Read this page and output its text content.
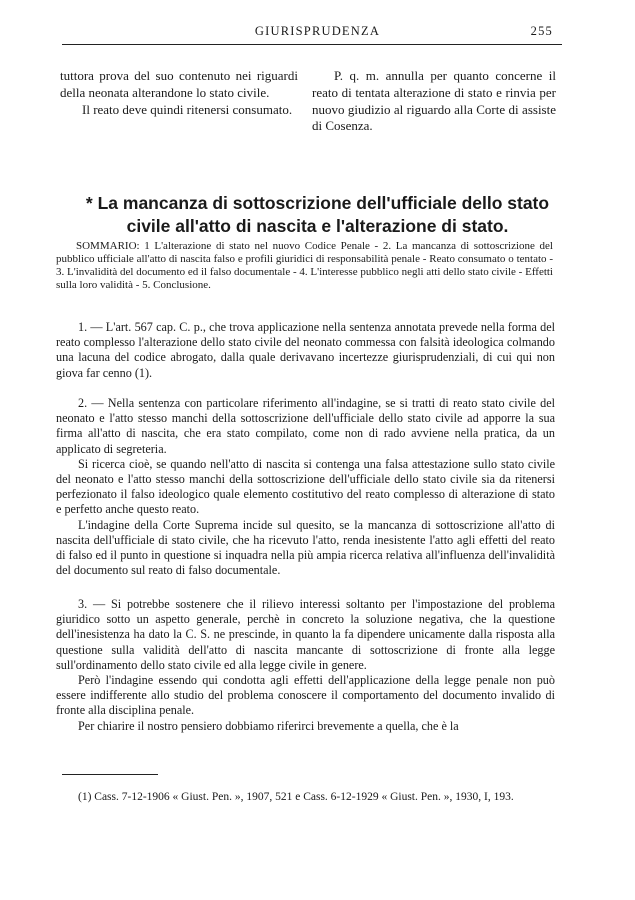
GIURISPRUDENZA	255

tuttora prova del suo contenuto nei riguardi della neonata alterandone lo stato civile.

Il reato deve quindi ritenersi consumato.

P. q. m. annulla per quanto concerne il reato di tentata alterazione di stato e rinvia per nuovo giudizio al riguardo alla Corte di assiste di Cosenza.

* La mancanza di sottoscrizione dell'ufficiale dello stato
civile all'atto di nascita e l'alterazione di stato.
SOMMARIO: 1 L'alterazione di stato nel nuovo Codice Penale - 2. La mancanza di sottoscrizione del pubblico ufficiale all'atto di nascita falso e profili giuridici di responsabilità penale - Reato consumato o tentato - 3. L'invalidità del documento ed il falso documentale - 4. L'interesse pubblico negli atti dello stato civile - Effetti sulla loro validità - 5. Conclusione.
1. — L'art. 567 cap. C. p., che trova applicazione nella sentenza annotata prevede nella forma del reato complesso l'alterazione dello stato civile del neonato commessa con falsità ideologica colmando una lacuna del codice abrogato, dalla quale derivavano incertezze giurisprudenziali, di cui qui non giova far cenno (1).

2. — Nella sentenza con particolare riferimento all'indagine, se si tratti di reato stato civile del neonato e l'atto stesso manchi della sottoscrizione dell'ufficiale dello stato civile ad apporre la sua firma all'atto di nascita, che era stato compilato, come non di rado avviene nella pratica, da un applicato di segreteria.

Si ricerca cioè, se quando nell'atto di nascita si contenga una falsa attestazione sullo stato civile del neonato e l'atto stesso manchi della sottoscrizione dell'ufficiale dello stato civile sia da ritenersi perfezionato il falso ideologico quale elemento costitutivo del reato complesso di alterazione di stato e perfetto anche questo reato.

L'indagine della Corte Suprema incide sul quesito, se la mancanza di sottoscrizione all'atto di nascita dell'ufficiale di stato civile, che ha ricevuto l'atto, renda inesistente l'atto agli effetti del reato di falso ed il punto in questione si inquadra nella più ampia ricerca relativa all'influenza dell'invalidità del documento sul reato di falso documentale.

3. — Si potrebbe sostenere che il rilievo interessi soltanto per l'impostazione del problema giuridico sotto un aspetto generale, perchè in concreto la soluzione negativa, che la questione dell'inesistenza ha dato la C. S. ne prescinde, in quanto la fa dipendere unicamente dalla risposta alla questione sulla validità dell'atto di nascita mancante di sottoscrizione di fronte alla legge sull'ordinamento dello stato civile ed alla legge civile in genere.

Però l'indagine essendo qui condotta agli effetti dell'applicazione della legge penale non può essere indifferente allo studio del problema conoscere il comportamento del documento invalido di fronte alla disciplina penale.

Per chiarire il nostro pensiero dobbiamo riferirci brevemente a quella, che è la

(1) Cass. 7-12-1906 « Giust. Pen. », 1907, 521 e Cass. 6-12-1929 « Giust. Pen. », 1930, I, 193.
